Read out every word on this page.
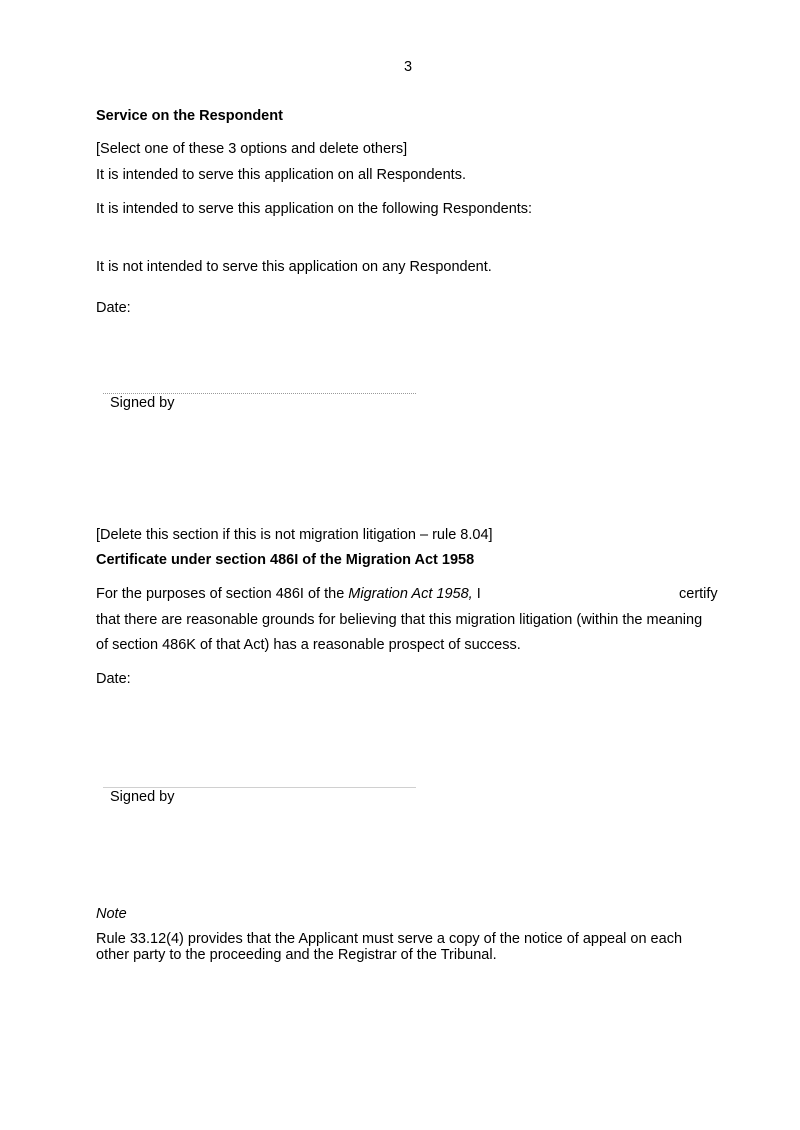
3
Service on the Respondent
[Select one of these 3 options and delete others]
It is intended to serve this application on all Respondents.
It is intended to serve this application on the following Respondents:
It is not intended to serve this application on any Respondent.
Date:
Signed by
[Delete this section if this is not migration litigation – rule 8.04]
Certificate under section 486I of the Migration Act 1958
For the purposes of section 486I of the Migration Act 1958, I	certify
that there are reasonable grounds for believing that this migration litigation (within the meaning
of section 486K of that Act) has a reasonable prospect of success.
Date:
Signed by
Note
Rule 33.12(4) provides that the Applicant must serve a copy of the notice of appeal on each
other party to the proceeding and the Registrar of the Tribunal.
